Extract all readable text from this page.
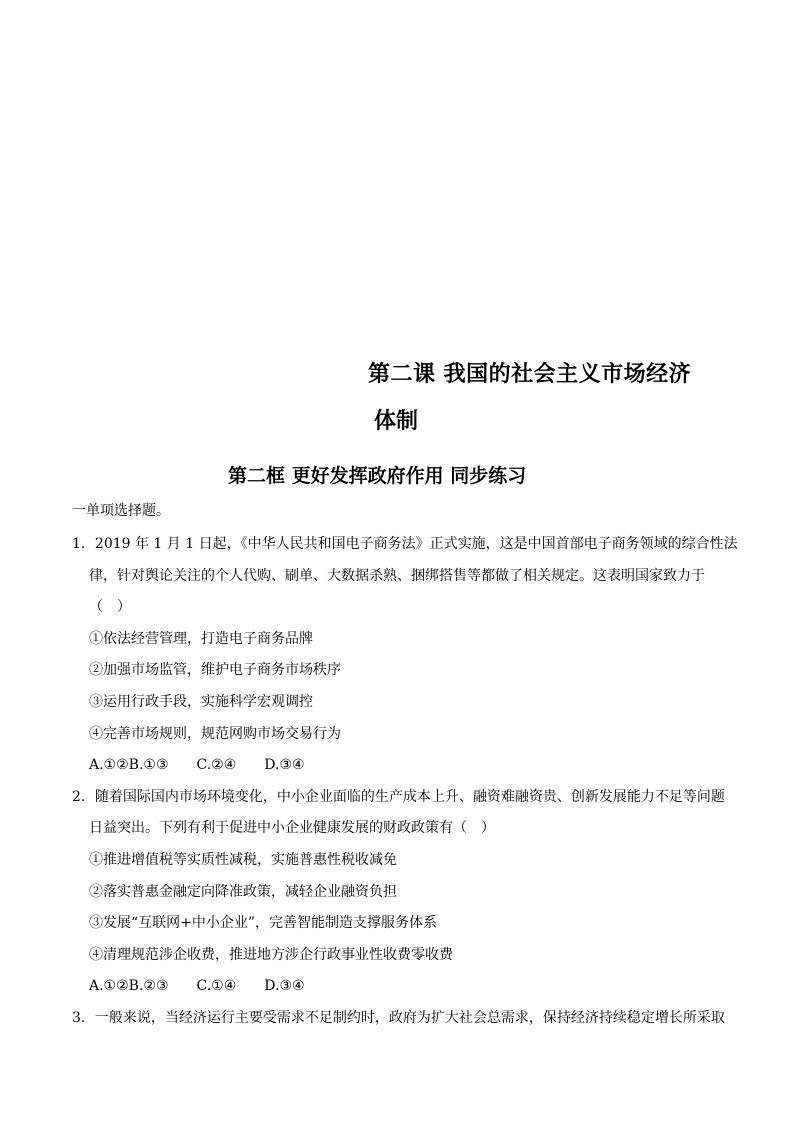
第二课 我国的社会主义市场经济
体制
第二框 更好发挥政府作用 同步练习
一单项选择题。
1．2019 年 1 月 1 日起，《中华人民共和国电子商务法》正式实施，这是中国首部电子商务领域的综合性法
律，针对舆论关注的个人代购、刷单、大数据杀熟、捆绑搭售等都做了相关规定。这表明国家致力于
（　）
①依法经营管理，打造电子商务品牌
②加强市场监管，维护电子商务市场秩序
③运用行政手段，实施科学宏观调控
④完善市场规则，规范网购市场交易行为
A.①②B.①③ C.②④ D.③④
2．随着国际国内市场环境变化，中小企业面临的生产成本上升、融资难融资贵、创新发展能力不足等问题
日益突出。下列有利于促进中小企业健康发展的财政政策有（　）
①推进增值税等实质性减税，实施普惠性税收减免
②落实普惠金融定向降准政策，减轻企业融资负担
③发展“互联网+中小企业”，完善智能制造支撑服务体系
④清理规范涉企收费，推进地方涉企行政事业性收费零收费
A.①②B.②③ C.①④ D.③④
3．一般来说，当经济运行主要受需求不足制约时，政府为扩大社会总需求，保持经济持续稳定增长所采取
